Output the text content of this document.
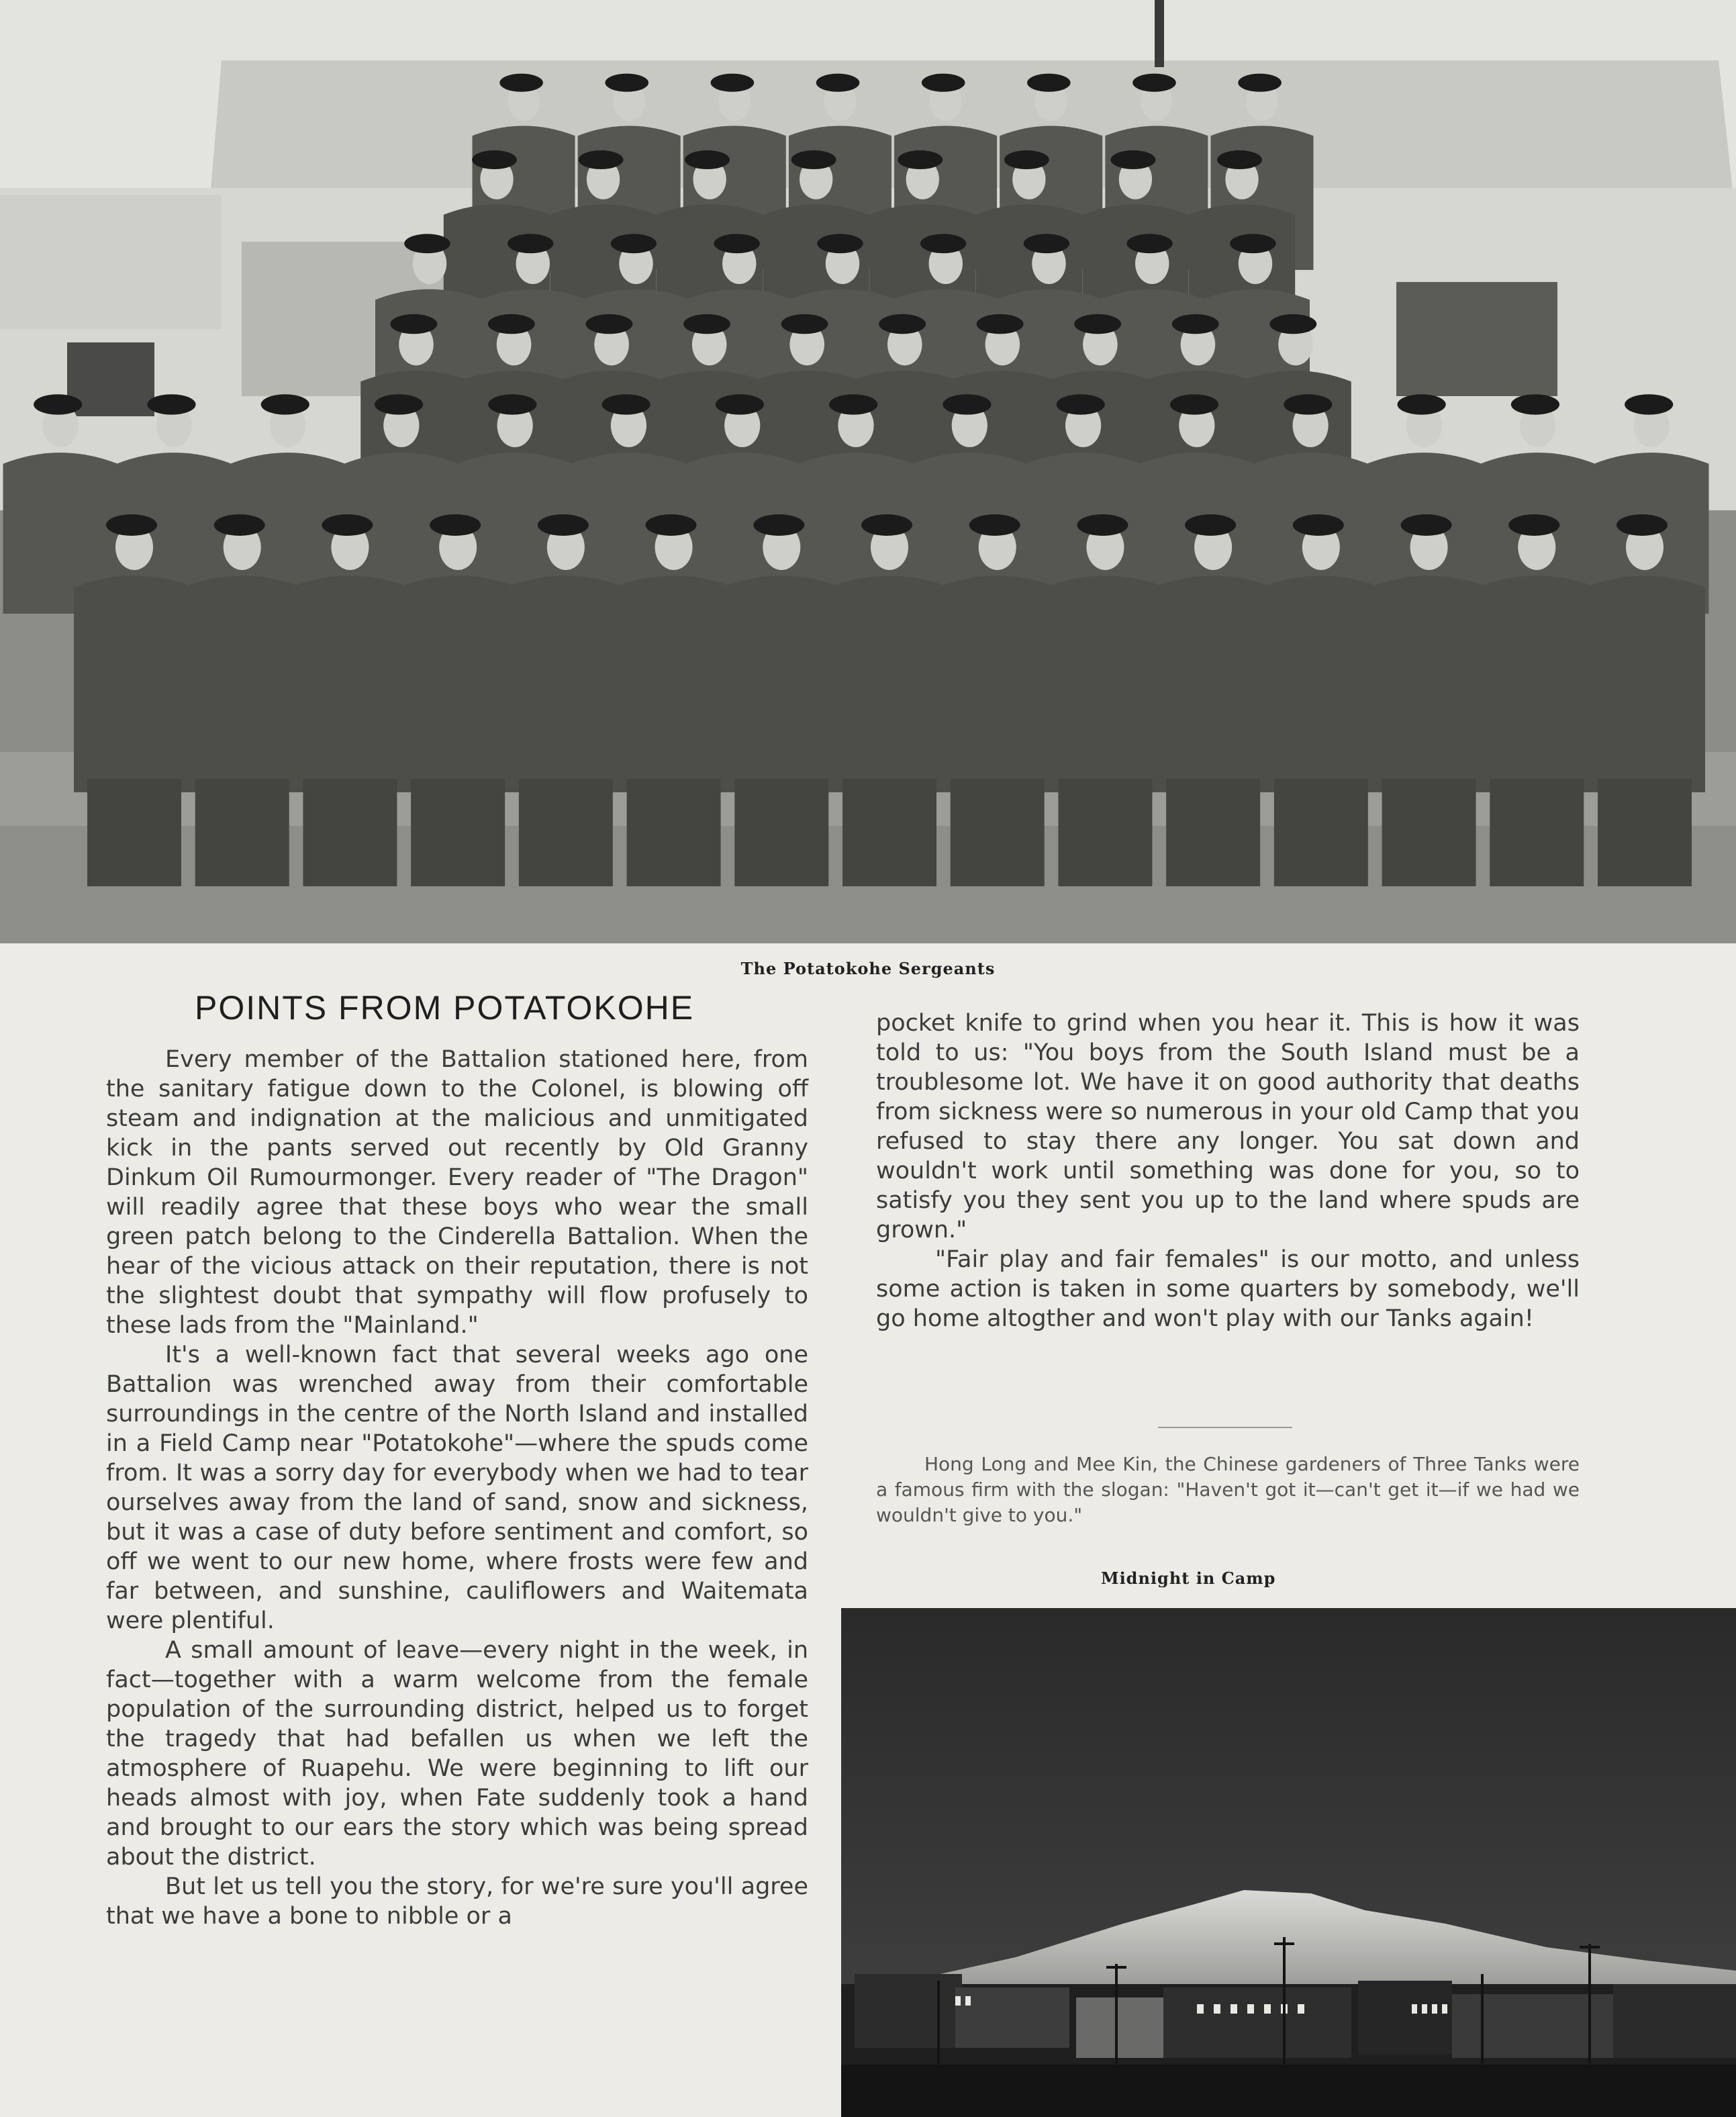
The Potatokohe Sergeants
POINTS FROM POTATOKOHE

Every member of the Battalion stationed here, from the sanitary fatigue down to the Colonel, is blowing off steam and indignation at the malicious and unmitigated kick in the pants served out recently by Old Granny Dinkum Oil Rumourmonger. Every reader of "The Dragon" will readily agree that these boys who wear the small green patch belong to the Cinderella Battalion. When the hear of the vicious attack on their reputation, there is not the slightest doubt that sympathy will flow profusely to these lads from the "Mainland."

It's a well-known fact that several weeks ago one Battalion was wrenched away from their comfortable surroundings in the centre of the North Island and installed in a Field Camp near "Potatokohe"—where the spuds come from. It was a sorry day for everybody when we had to tear ourselves away from the land of sand, snow and sickness, but it was a case of duty before sentiment and comfort, so off we went to our new home, where frosts were few and far between, and sunshine, cauliflowers and Waitemata were plentiful.

A small amount of leave—every night in the week, in fact—together with a warm welcome from the female population of the surrounding district, helped us to forget the tragedy that had befallen us when we left the atmosphere of Ruapehu. We were beginning to lift our heads almost with joy, when Fate suddenly took a hand and brought to our ears the story which was being spread about the district.

But let us tell you the story, for we're sure you'll agree that we have a bone to nibble or a

pocket knife to grind when you hear it. This is how it was told to us: "You boys from the South Island must be a troublesome lot. We have it on good authority that deaths from sickness were so numerous in your old Camp that you refused to stay there any longer. You sat down and wouldn't work until something was done for you, so to satisfy you they sent you up to the land where spuds are grown."

"Fair play and fair females" is our motto, and unless some action is taken in some quarters by somebody, we'll go home altogther and won't play with our Tanks again!

Hong Long and Mee Kin, the Chinese gardeners of Three Tanks were a famous firm with the slogan: "Haven't got it—can't get it—if we had we wouldn't give to you."

Midnight in Camp
